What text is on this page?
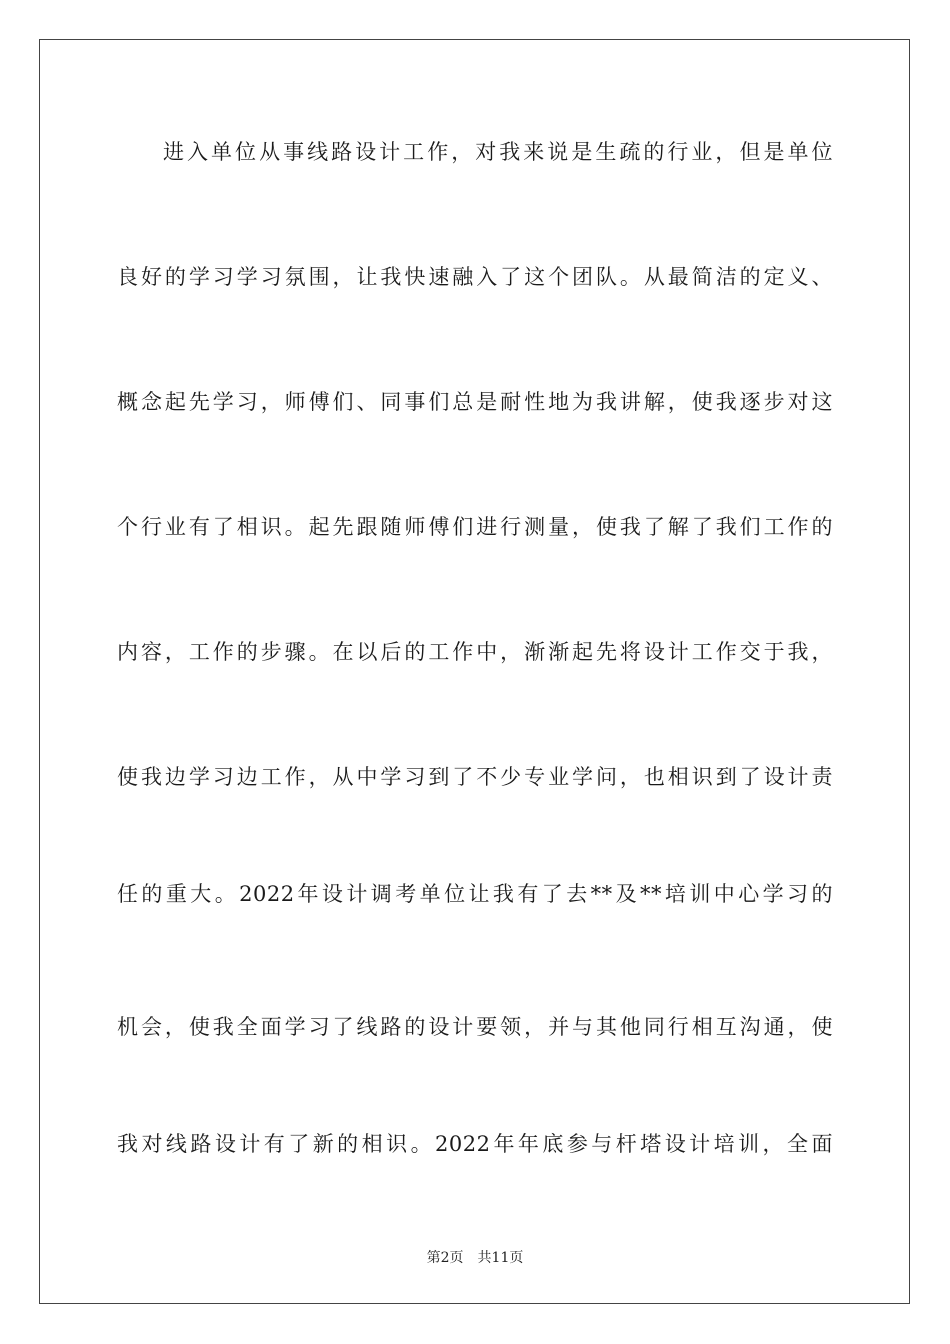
进入单位从事线路设计工作，对我来说是生疏的行业，但是单位
良好的学习学习氛围，让我快速融入了这个团队。从最简洁的定义、
概念起先学习，师傅们、同事们总是耐性地为我讲解，使我逐步对这
个行业有了相识。起先跟随师傅们进行测量，使我了解了我们工作的
内容，工作的步骤。在以后的工作中，渐渐起先将设计工作交于我，
使我边学习边工作，从中学习到了不少专业学问，也相识到了设计责
任的重大。2022年设计调考单位让我有了去**及**培训中心学习的
机会，使我全面学习了线路的设计要领，并与其他同行相互沟通，使
我对线路设计有了新的相识。2022年年底参与杆塔设计培训，全面
第2页 共11页
